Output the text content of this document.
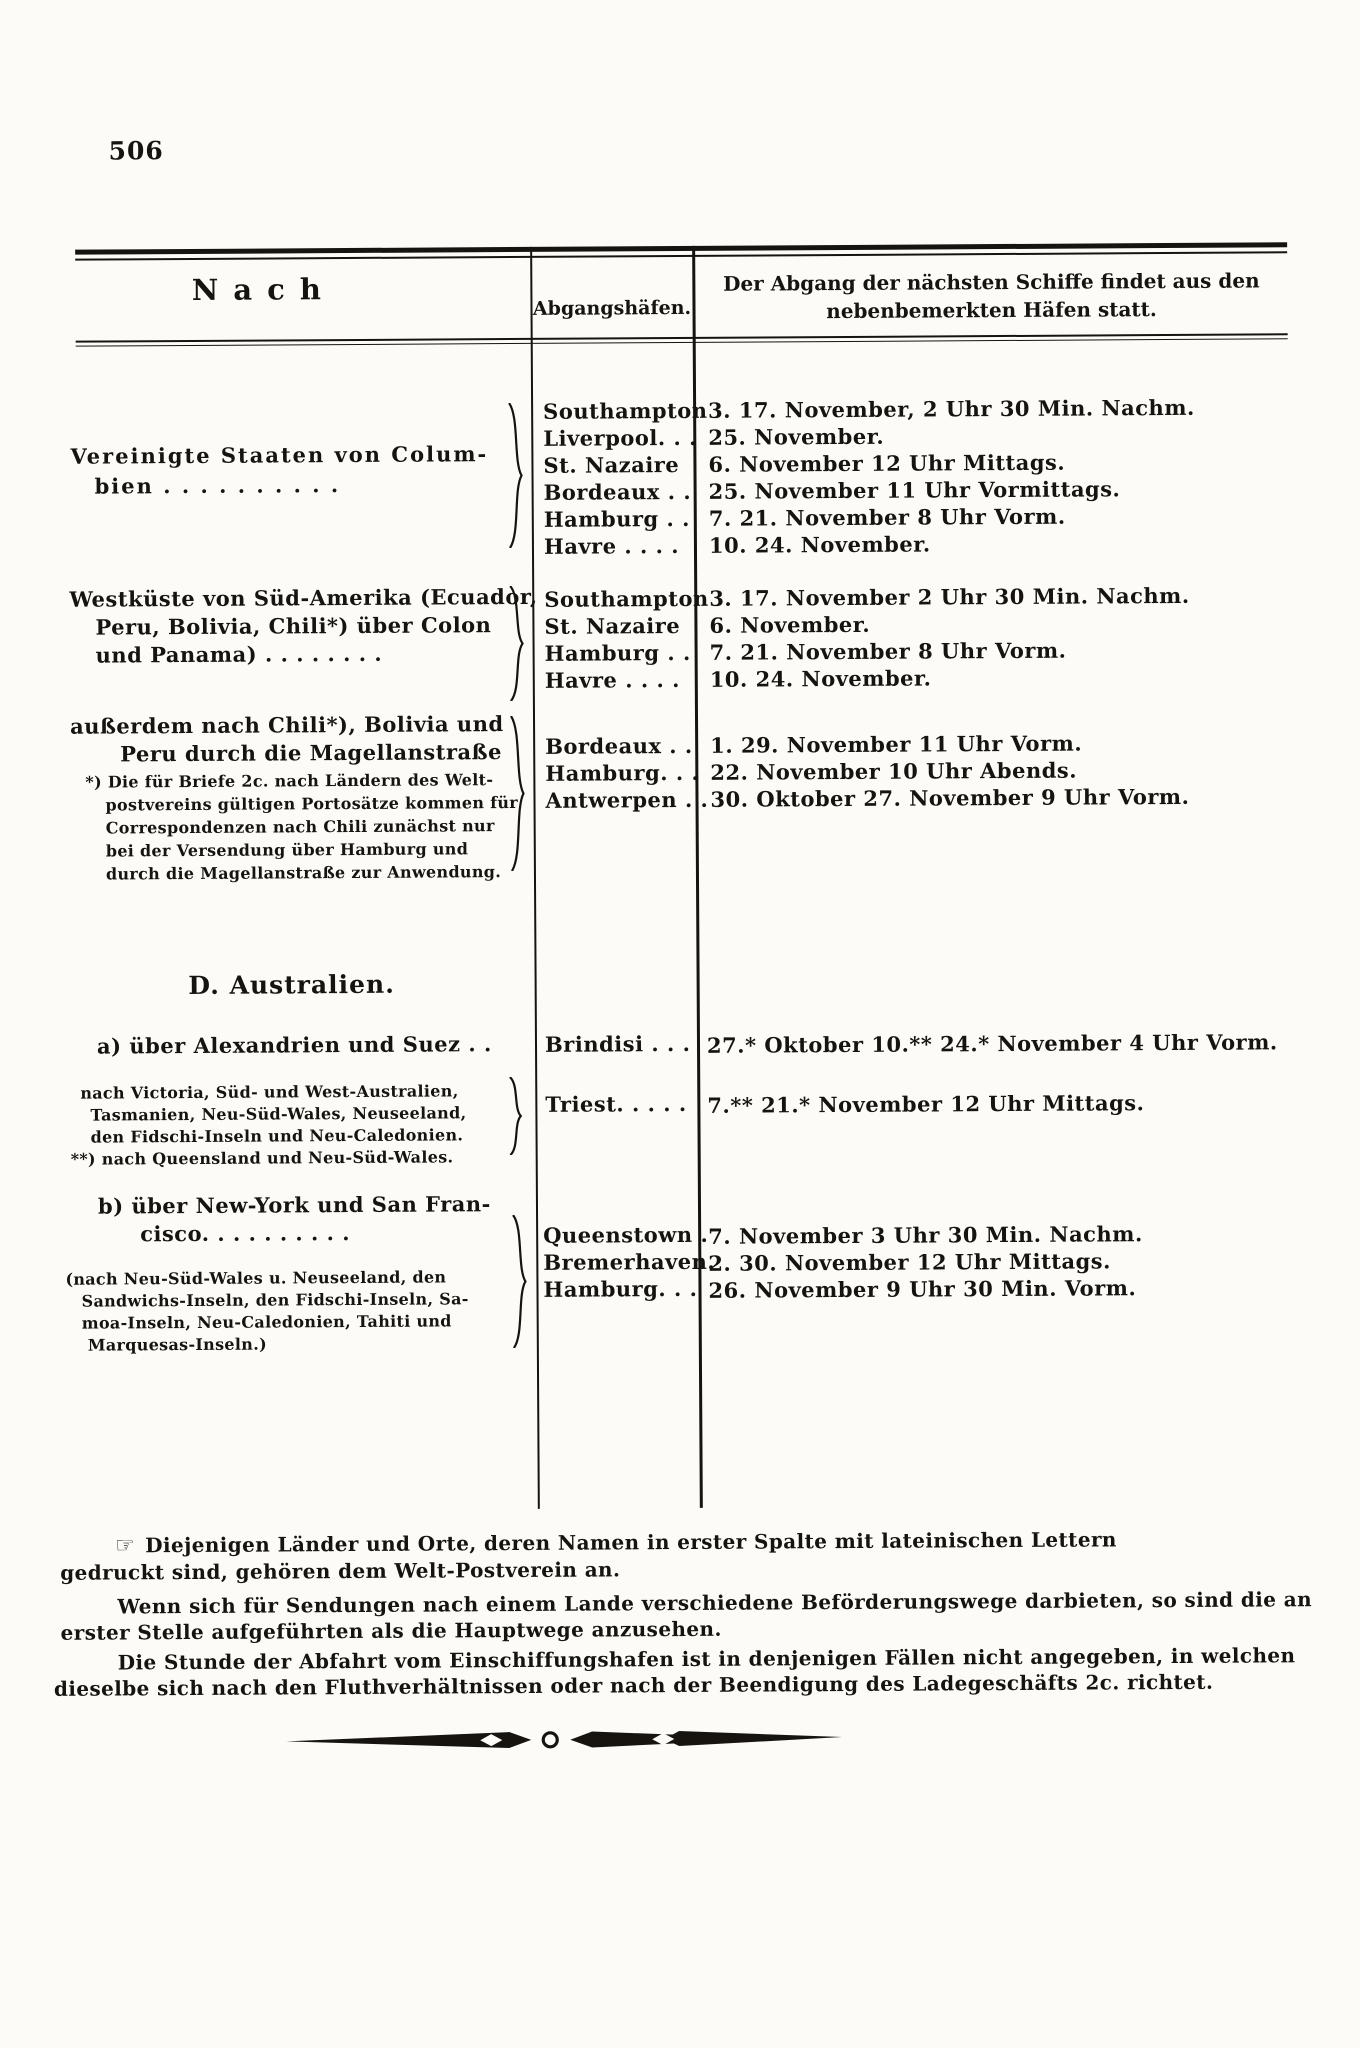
506
Nach
Abgangshäfen.
Der Abgang der nächsten Schiffe findet aus den
nebenbemerkten Häfen statt.
Vereinigte Staaten von Colum-
bien . . . . . . . . . .
Southampton
Liverpool. . .
St. Nazaire
Bordeaux . .
Hamburg . .
Havre . . . .
3. 17. November, 2 Uhr 30 Min. Nachm.
25. November.
6. November 12 Uhr Mittags.
25. November 11 Uhr Vormittags.
7. 21. November 8 Uhr Vorm.
10. 24. November.
Westküste von Süd-Amerika (Ecuador,
Peru, Bolivia, Chili*) über Colon
und Panama) . . . . . . . .
Southampton
St. Nazaire
Hamburg . .
Havre . . . .
3. 17. November 2 Uhr 30 Min. Nachm.
6. November.
7. 21. November 8 Uhr Vorm.
10. 24. November.
außerdem nach Chili*), Bolivia und
Peru durch die Magellanstraße
*) Die für Briefe 2c. nach Ländern des Welt-
postvereins gültigen Portosätze kommen für
Correspondenzen nach Chili zunächst nur
bei der Versendung über Hamburg und
durch die Magellanstraße zur Anwendung.
Bordeaux . .
Hamburg. . .
Antwerpen . .
1. 29. November 11 Uhr Vorm.
22. November 10 Uhr Abends.
30. Oktober 27. November 9 Uhr Vorm.
D. Australien.
a) über Alexandrien und Suez . .
nach Victoria, Süd- und West-Australien,
Tasmanien, Neu-Süd-Wales, Neuseeland,
den Fidschi-Inseln und Neu-Caledonien.
**) nach Queensland und Neu-Süd-Wales.
Brindisi . . .
Triest. . . . .
27.* Oktober 10.** 24.* November 4 Uhr Vorm.
7.** 21.* November 12 Uhr Mittags.
b) über New-York und San Fran-
cisco. . . . . . . . . .
(nach Neu-Süd-Wales u. Neuseeland, den
Sandwichs-Inseln, den Fidschi-Inseln, Sa-
moa-Inseln, Neu-Caledonien, Tahiti und
Marquesas-Inseln.)
Queenstown .
Bremerhaven.
Hamburg. . .
7. November 3 Uhr 30 Min. Nachm.
2. 30. November 12 Uhr Mittags.
26. November 9 Uhr 30 Min. Vorm.
☞ Diejenigen Länder und Orte, deren Namen in erster Spalte mit lateinischen Lettern
gedruckt sind, gehören dem Welt-Postverein an.
Wenn sich für Sendungen nach einem Lande verschiedene Beförderungswege darbieten, so sind die an
erster Stelle aufgeführten als die Hauptwege anzusehen.
Die Stunde der Abfahrt vom Einschiffungshafen ist in denjenigen Fällen nicht angegeben, in welchen
dieselbe sich nach den Fluthverhältnissen oder nach der Beendigung des Ladegeschäfts 2c. richtet.
